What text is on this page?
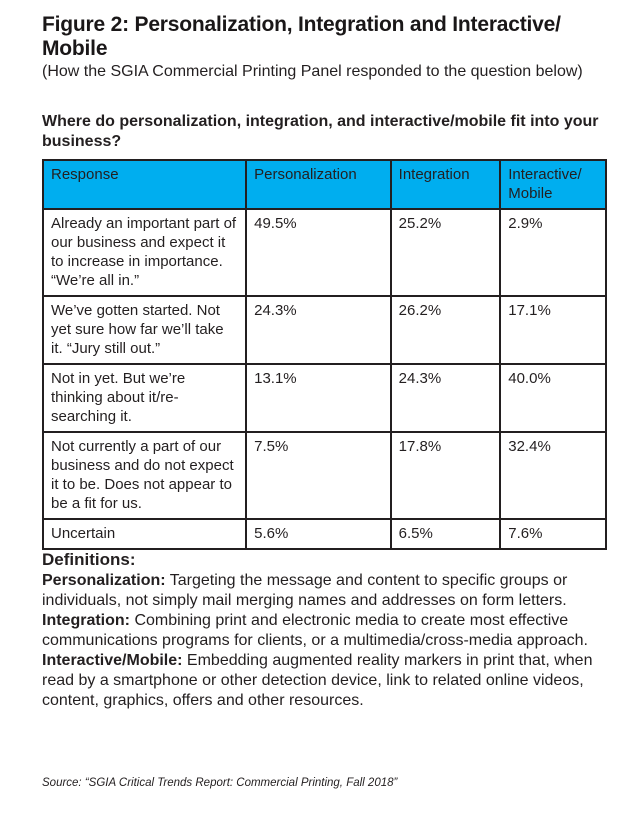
Figure 2: Personalization, Integration and Interactive/ Mobile
(How the SGIA Commercial Printing Panel responded to the question below)
Where do personalization, integration, and interactive/mobile fit into your business?
Response	Personalization	Integration	Interactive/ Mobile
Already an important part of our business and expect it to increase in importance. “We’re all in.”	49.5%	25.2%	2.9%
We’ve gotten started. Not yet sure how far we’ll take it. “Jury still out.”	24.3%	26.2%	17.1%
Not in yet. But we’re thinking about it/re-searching it.	13.1%	24.3%	40.0%
Not currently a part of our business and do not expect it to be. Does not appear to be a fit for us.	7.5%	17.8%	32.4%
Uncertain	5.6%	6.5%	7.6%
Definitions:
Personalization: Targeting the message and content to specific groups or individuals, not simply mail merging names and addresses on form letters.
Integration: Combining print and electronic media to create most effective communications programs for clients, or a multimedia/cross-media approach.
Interactive/Mobile: Embedding augmented reality markers in print that, when read by a smartphone or other detection device, link to related online videos, content, graphics, offers and other resources.
Source: “SGIA Critical Trends Report: Commercial Printing, Fall 2018”
